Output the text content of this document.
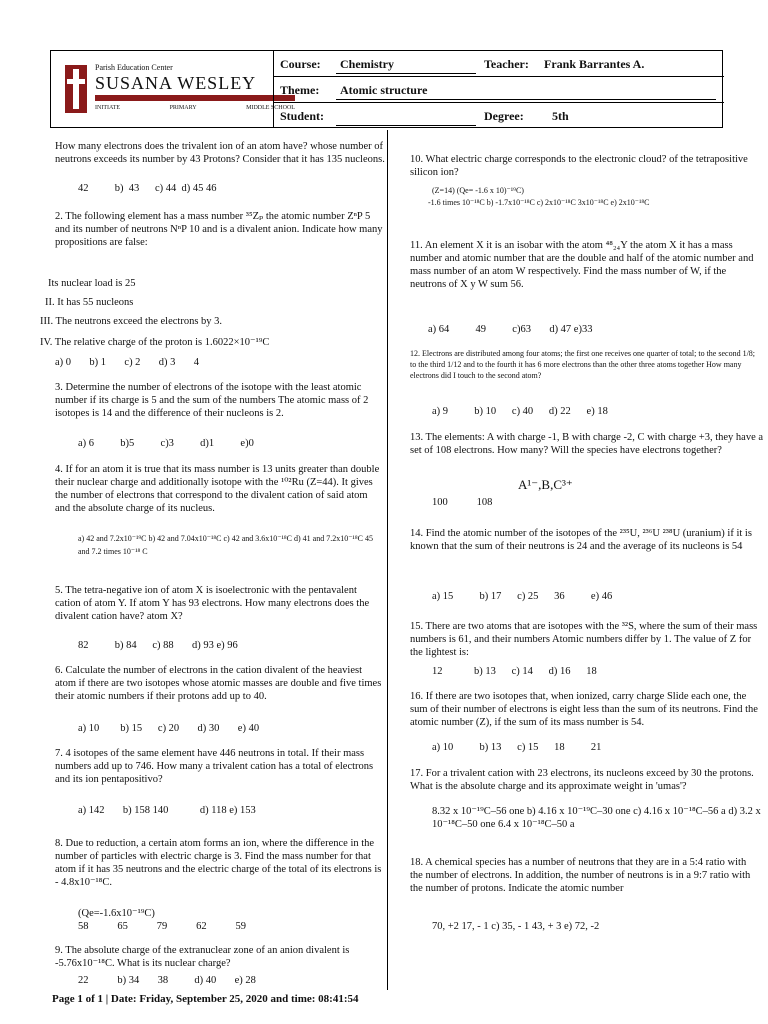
Parish Education Center
SUSANA WESLEY
INITIATE	PRIMARY	MIDDLE SCHOOL
Course: Chemistry	Teacher: Frank Barrantes A.
Theme: Atomic structure
Student:	Degree: 5th
How many electrons does the trivalent ion of an atom have? whose number of neutrons exceeds its number by 43 Protons? Consider that it has 135 nucleons.
42          b)  43      c) 44  d) 45 46
2. The following element has a mass number ³⁵Zₚ the atomic number ZⁿP 5 and its number of neutrons NⁿP 10 and is a divalent anion. Indicate how many propositions are false:
Its nuclear load is 25
II. It has 55 nucleons
III. The neutrons exceed the electrons by 3.
IV. The relative charge of the proton is 1.6022×10⁻¹⁹C
a) 0       b) 1       c) 2       d) 3       4
3. Determine the number of electrons of the isotope with the least atomic number if its charge is 5 and the sum of the numbers The atomic mass of 2 isotopes is 14 and the difference of their nucleons is 2.
a) 6          b)5          c)3          d)1          e)0
4. If for an atom it is true that its mass number is 13 units greater than double their nuclear charge and additionally isotope with the ¹⁰²Ru (Z=44). It gives the number of electrons that correspond to the divalent cation of said atom and the absolute charge of its nucleus.
a) 42 and 7.2x10⁻¹⁹C b) 42 and 7.04x10⁻¹⁸C c) 42 and 3.6x10⁻¹⁸C d) 41 and 7.2x10⁻¹⁸C 45 and 7.2 times 10⁻¹⁸ C
5. The tetra-negative ion of atom X is isoelectronic with the pentavalent cation of atom Y. If atom Y has 93 electrons. How many electrons does the divalent cation have? atom X?
82          b) 84      c) 88       d) 93 e) 96
6. Calculate the number of electrons in the cation divalent of the heaviest atom if there are two isotopes whose atomic masses are double and five times their atomic numbers if their protons add up to 40.
a) 10        b) 15      c) 20       d) 30       e) 40
7. 4 isotopes of the same element have 446 neutrons in total. If their mass numbers add up to 746. How many a trivalent cation has a total of electrons and its ion pentapositivo?
a) 142       b) 158 140            d) 118 e) 153
8. Due to reduction, a certain atom forms an ion, where the difference in the number of particles with electric charge is 3. Find the mass number for that atom if it has 35 neutrons and the electric charge of the total of its electrons is - 4.8x10⁻¹⁸C.
(Qe=-1.6x10⁻¹⁹C)
58           65           79           62           59
9. The absolute charge of the extranuclear zone of an anion divalent is -5.76x10⁻¹⁸C. What is its nuclear charge?
22           b) 34       38          d) 40       e) 28
10. What electric charge corresponds to the electronic cloud? of the tetrapositive silicon ion?
(Z=14) (Qe= -1.6 x 10)⁻¹⁹C)
-1.6 times 10⁻¹⁸C b) -1.7x10⁻¹⁸C c) 2x10⁻¹⁸C 3x10⁻¹⁸C e) 2x10⁻¹⁸C
11. An element X it is an isobar with the atom ⁴⁸₂₄Y the atom X it has a mass number and atomic number that are the double and half of the atomic number and mass number of an atom W respectively. Find the mass number of W, if the neutrons of X y W sum 56.
a) 64          49          c)63       d) 47 e)33
12. Electrons are distributed among four atoms; the first one receives one quarter of total; to the second 1/8; to the third 1/12 and to the fourth it has 6 more electrons than the other three atoms together How many electrons did I touch to the second atom?
a) 9          b) 10      c) 40      d) 22      e) 18
13. The elements: A with charge -1, B with charge -2, C with charge +3, they have a set of 108 electrons. How many? Will the species have electrons together?
A¹⁻,B,C³⁺
100           108
14. Find the atomic number of the isotopes of the ²³⁵U, ²³⁶U ²³⁸U (uranium) if it is known that the sum of their neutrons is 24 and the average of its nucleons is 54
a) 15          b) 17      c) 25      36          e) 46
15. There are two atoms that are isotopes with the ³²S, where the sum of their mass numbers is 61, and their numbers Atomic numbers differ by 1. The value of Z for the lightest is:
12            b) 13      c) 14      d) 16      18
16. If there are two isotopes that, when ionized, carry charge Slide each one, the sum of their number of electrons is eight less than the sum of its neutrons. Find the atomic number (Z), if the sum of its mass number is 54.
a) 10          b) 13      c) 15      18          21
17. For a trivalent cation with 23 electrons, its nucleons exceed by 30 the protons. What is the absolute charge and its approximate weight in 'umas'?
8.32 x 10⁻¹⁹C–56 one b) 4.16 x 10⁻¹⁹C–30 one c) 4.16 x 10⁻¹⁸C–56 a d) 3.2 x 10⁻¹⁸C–50 one 6.4 x 10⁻¹⁸C–50 a
18. A chemical species has a number of neutrons that they are in a 5:4 ratio with the number of electrons. In addition, the number of neutrons is in a 9:7 ratio with the number of protons. Indicate the atomic number
70, +2 17, - 1 c) 35, - 1 43, + 3 e) 72, -2
Page 1 of 1 | Date: Friday, September 25, 2020 and time: 08:41:54
